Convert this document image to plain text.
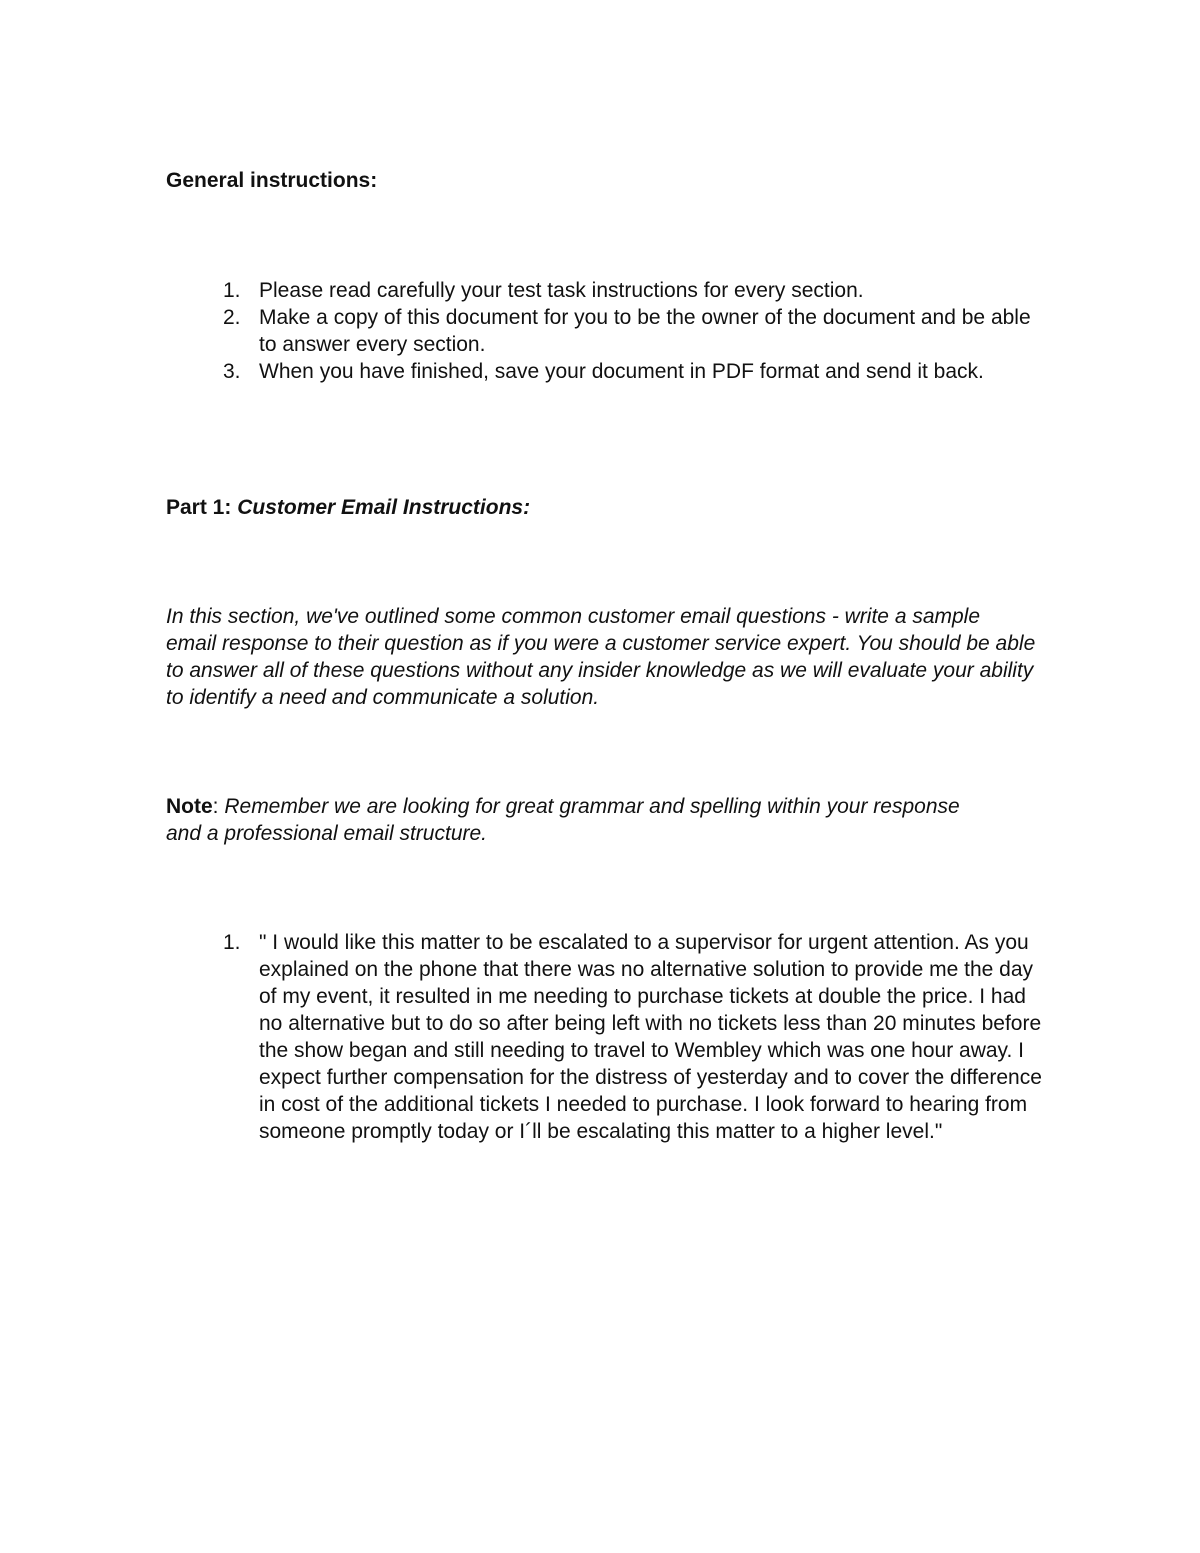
General instructions:
1. Please read carefully your test task instructions for every section.
2. Make a copy of this document for you to be the owner of the document and be able to answer every section.
3. When you have finished, save your document in PDF format and send it back.
Part 1: Customer Email Instructions:
In this section, we've outlined some common customer email questions - write a sample email response to their question as if you were a customer service expert. You should be able to answer all of these questions without any insider knowledge as we will evaluate your ability to identify a need and communicate a solution.
Note: Remember we are looking for great grammar and spelling within your response and a professional email structure.
1. " I would like this matter to be escalated to a supervisor for urgent attention. As you explained on the phone that there was no alternative solution to provide me the day of my event, it resulted in me needing to purchase tickets at double the price. I had no alternative but to do so after being left with no tickets less than 20 minutes before the show began and still needing to travel to Wembley which was one hour away. I expect further compensation for the distress of yesterday and to cover the difference in cost of the additional tickets I needed to purchase. I look forward to hearing from someone promptly today or I´ll be escalating this matter to a higher level."
